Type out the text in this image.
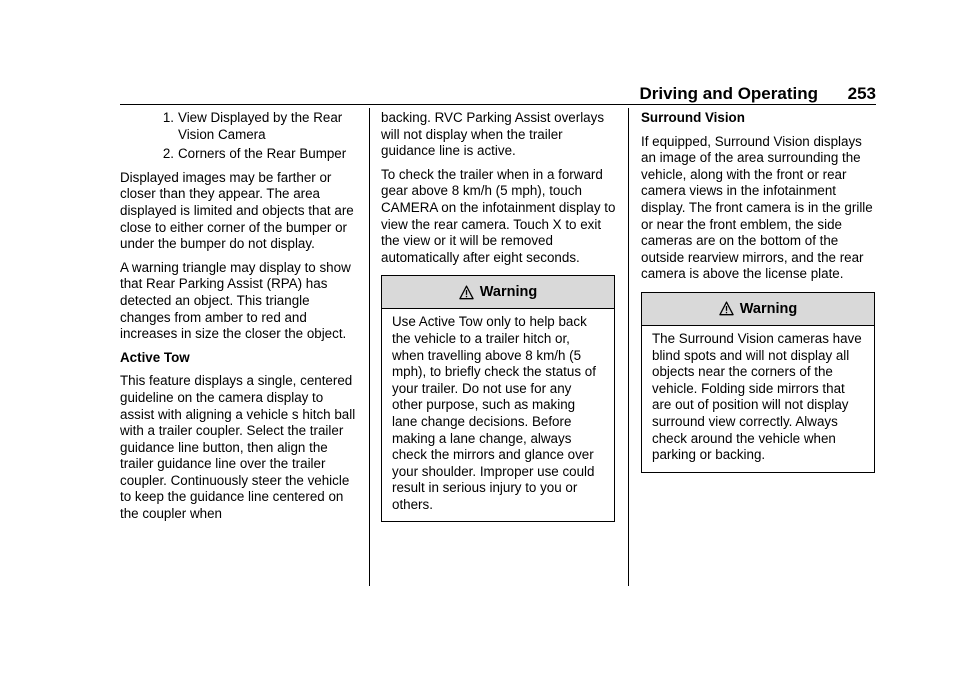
Driving and Operating 253
1. View Displayed by the Rear Vision Camera
2. Corners of the Rear Bumper

Displayed images may be farther or closer than they appear. The area displayed is limited and objects that are close to either corner of the bumper or under the bumper do not display.

A warning triangle may display to show that Rear Parking Assist (RPA) has detected an object. This triangle changes from amber to red and increases in size the closer the object.

Active Tow

This feature displays a single, centered guideline on the camera display to assist with aligning a vehicle s hitch ball with a trailer coupler. Select the trailer guidance line button, then align the trailer guidance line over the trailer coupler. Continuously steer the vehicle to keep the guidance line centered on the coupler when

backing. RVC Parking Assist overlays will not display when the trailer guidance line is active.

To check the trailer when in a forward gear above 8 km/h (5 mph), touch CAMERA on the infotainment display to view the rear camera. Touch X to exit the view or it will be removed automatically after eight seconds.

Warning
Use Active Tow only to help back the vehicle to a trailer hitch or, when travelling above 8 km/h (5 mph), to briefly check the status of your trailer. Do not use for any other purpose, such as making lane change decisions. Before making a lane change, always check the mirrors and glance over your shoulder. Improper use could result in serious injury to you or others.
Surround Vision

If equipped, Surround Vision displays an image of the area surrounding the vehicle, along with the front or rear camera views in the infotainment display. The front camera is in the grille or near the front emblem, the side cameras are on the bottom of the outside rearview mirrors, and the rear camera is above the license plate.

Warning
The Surround Vision cameras have blind spots and will not display all objects near the corners of the vehicle. Folding side mirrors that are out of position will not display surround view correctly. Always check around the vehicle when parking or backing.
